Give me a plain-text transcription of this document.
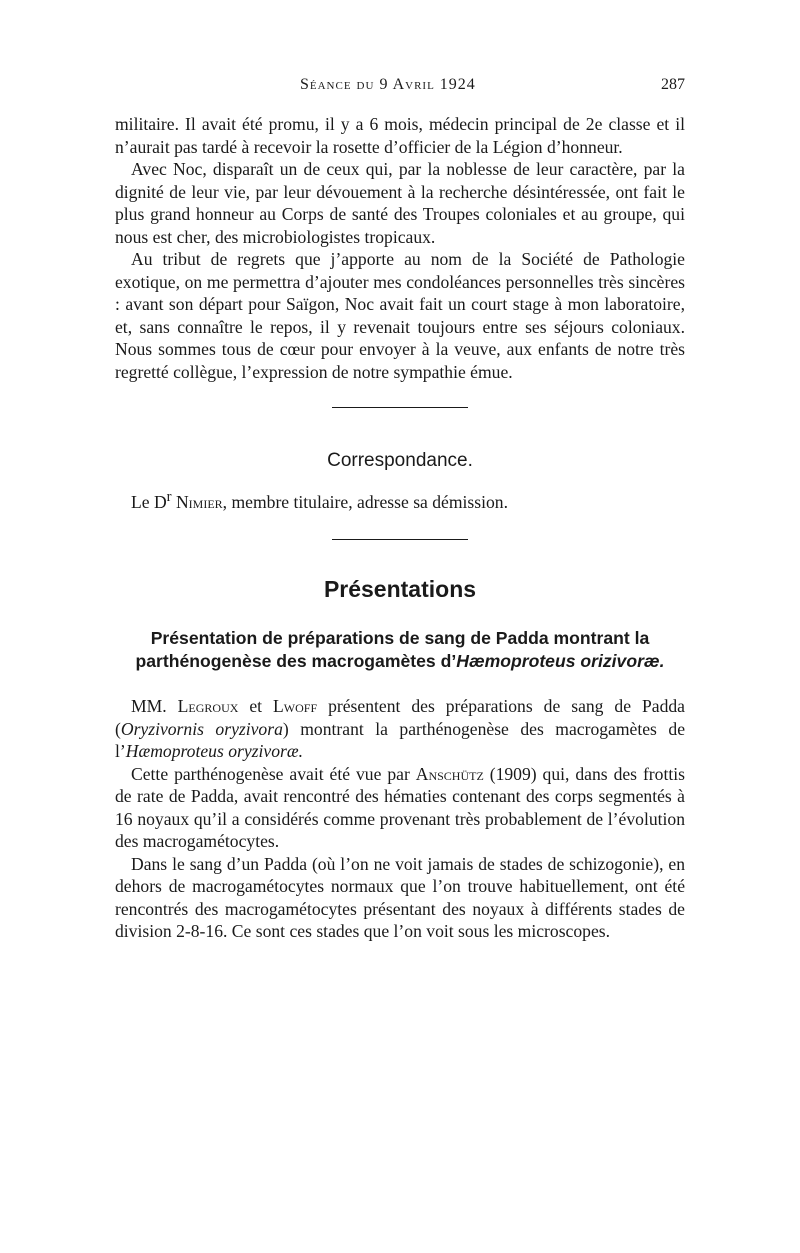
Séance du 9 Avril 1924	287

militaire. Il avait été promu, il y a 6 mois, médecin principal de 2e classe et il n’aurait pas tardé à recevoir la rosette d’officier de la Légion d’honneur.

Avec Noc, disparaît un de ceux qui, par la noblesse de leur caractère, par la dignité de leur vie, par leur dévouement à la recherche désintéressée, ont fait le plus grand honneur au Corps de santé des Troupes coloniales et au groupe, qui nous est cher, des microbiologistes tropicaux.

Au tribut de regrets que j’apporte au nom de la Société de Pathologie exotique, on me permettra d’ajouter mes condoléances personnelles très sincères : avant son départ pour Saïgon, Noc avait fait un court stage à mon laboratoire, et, sans connaître le repos, il y revenait toujours entre ses séjours coloniaux. Nous sommes tous de cœur pour envoyer à la veuve, aux enfants de notre très regretté collègue, l’expression de notre sympathie émue.

Correspondance.

Le $D^r$ Nimier, membre titulaire, adresse sa démission.

Présentations
Présentation de préparations de sang de Padda montrant la parthénogenèse des macrogamètes d’Hæmoproteus orizivoræ.

MM. Legroux et Lwoff présentent des préparations de sang de Padda (Oryzivornis oryzivora) montrant la parthénogenèse des macrogamètes de l’Hæmoproteus oryzivoræ.

Cette parthénogenèse avait été vue par Anschütz (1909) qui, dans des frottis de rate de Padda, avait rencontré des hématies contenant des corps segmentés à 16 noyaux qu’il a considérés comme provenant très probablement de l’évolution des macrogamétocytes.

Dans le sang d’un Padda (où l’on ne voit jamais de stades de schizogonie), en dehors de macrogamétocytes normaux que l’on trouve habituellement, ont été rencontrés des macrogamétocytes présentant des noyaux à différents stades de division 2-8-16. Ce sont ces stades que l’on voit sous les microscopes.
